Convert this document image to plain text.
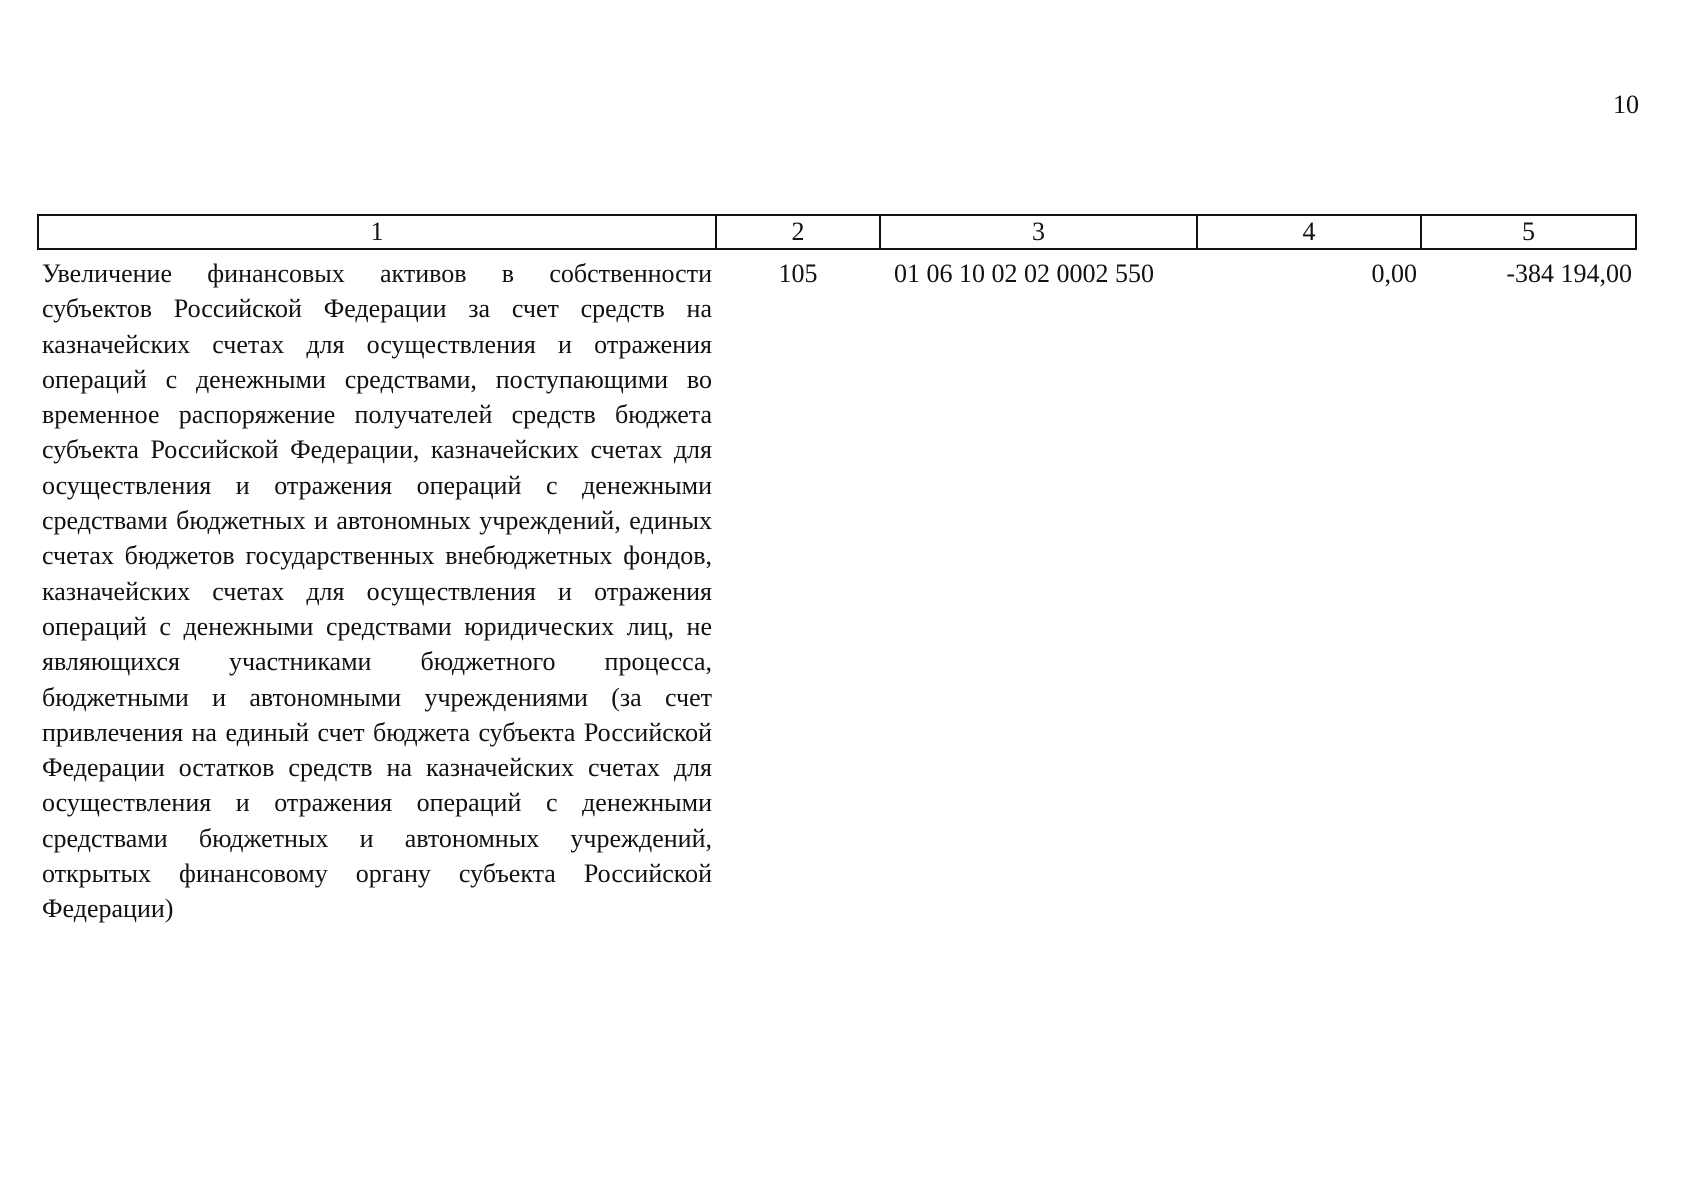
10
1	2	3	4	5
Увеличение финансовых активов в собственности субъектов Российской Федерации за счет средств на казначейских счетах для осуществления и отражения операций с денежными средствами, поступающими во временное распоряжение получателей средств бюджета субъекта Российской Федерации, казначейских счетах для осуществления и отражения операций с денежными средствами бюджетных и автономных учреждений, единых счетах бюджетов государственных внебюджетных фондов, казначейских счетах для осуществления и отражения операций с денежными средствами юридических лиц, не являющихся участниками бюджетного процесса, бюджетными и автономными учреждениями (за счет привлечения на единый счет бюджета субъекта Российской Федерации остатков средств на казначейских счетах для осуществления и отражения операций с денежными средствами бюджетных и автономных учреждений, открытых финансовому органу субъекта Российской Федерации)	105	01 06 10 02 02 0002 550	0,00	-384 194,00
